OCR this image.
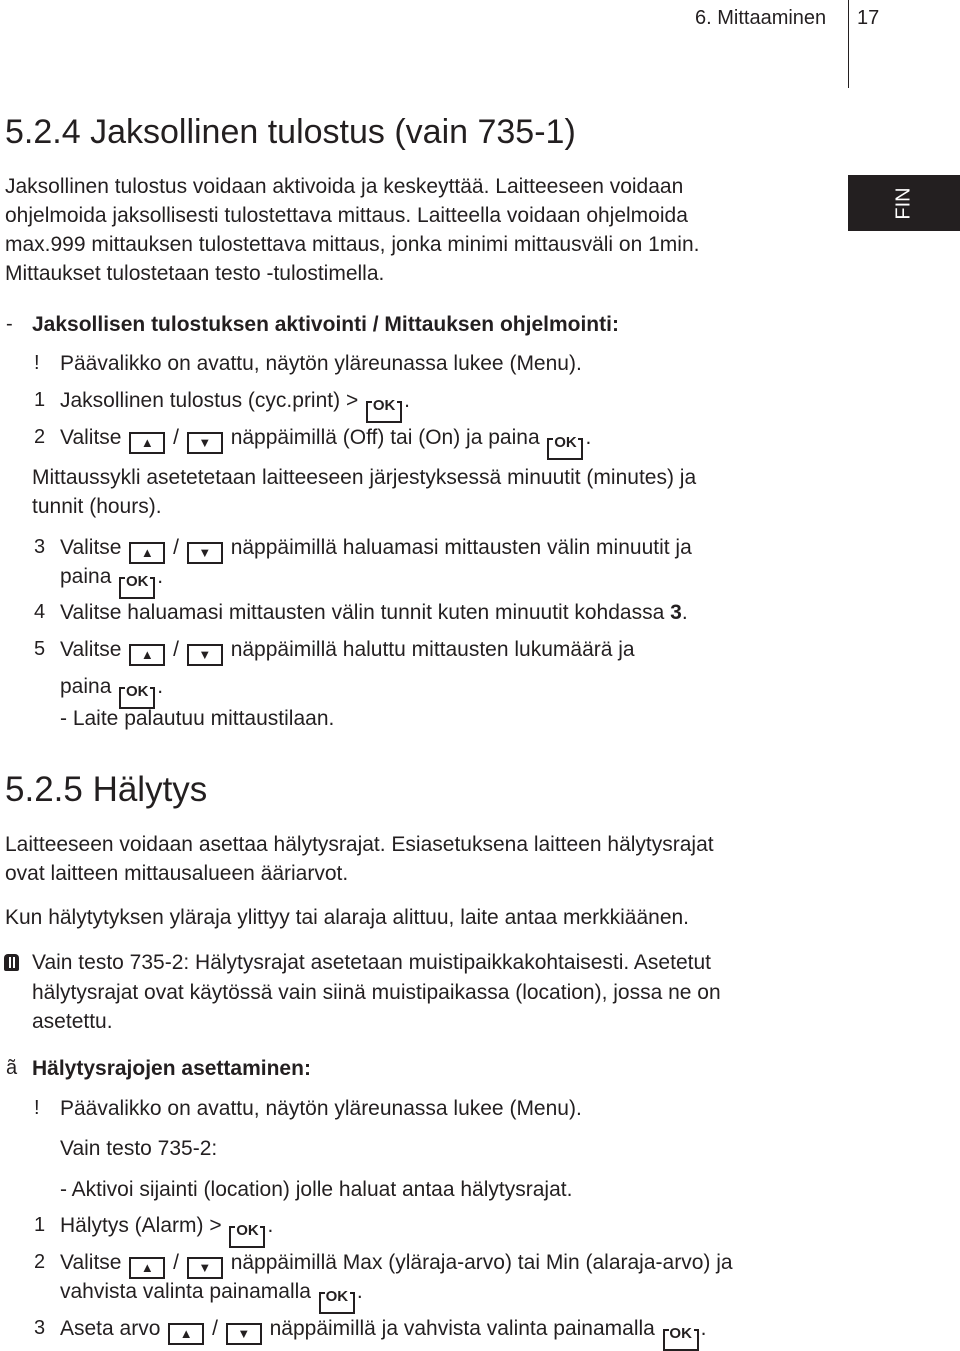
6. Mittaaminen 17
FIN
5.2.4 Jaksollinen tulostus (vain 735-1)
Jaksollinen tulostus voidaan aktivoida ja keskeyttää. Laitteeseen voidaan
ohjelmoida jaksollisesti tulostettava mittaus. Laitteella voidaan ohjelmoida
max.999 mittauksen tulostettava mittaus, jonka minimi mittausväli on 1min.
Mittaukset tulostetaan testo -tulostimella.
- Jaksollisen tulostuksen aktivointi / Mittauksen ohjelmointi:
! Päävalikko on avattu, näytön yläreunassa lukee (Menu).
1 Jaksollinen tulostus (cyc.print) > OK .
2 Valitse ▲ / ▼ näppäimillä (Off) tai (On) ja paina OK .
Mittaussykli asetetetaan laitteeseen järjestyksessä minuutit (minutes) ja
tunnit (hours).
3 Valitse ▲ / ▼ näppäimillä haluamasi mittausten välin minuutit ja
paina OK .
4 Valitse haluamasi mittausten välin tunnit kuten minuutit kohdassa 3.
5 Valitse ▲ / ▼ näppäimillä haluttu mittausten lukumäärä ja
paina OK .
- Laite palautuu mittaustilaan.
5.2.5 Hälytys
Laitteeseen voidaan asettaa hälytysrajat. Esiasetuksena laitteen hälytysrajat
ovat laitteen mittausalueen ääriarvot.
Kun hälytytyksen yläraja ylittyy tai alaraja alittuu, laite antaa merkkiäänen.
Vain testo 735-2: Hälytysrajat asetetaan muistipaikkakohtaisesti. Asetetut
hälytysrajat ovat käytössä vain siinä muistipaikassa (location), jossa ne on
asetettu.
ã Hälytysrajojen asettaminen:
! Päävalikko on avattu, näytön yläreunassa lukee (Menu).
Vain testo 735-2:
- Aktivoi sijainti (location) jolle haluat antaa hälytysrajat.
1 Hälytys (Alarm) > OK .
2 Valitse ▲ / ▼ näppäimillä Max (yläraja-arvo) tai Min (alaraja-arvo) ja
vahvista valinta painamalla OK .
3 Aseta arvo ▲ / ▼ näppäimillä ja vahvista valinta painamalla OK .
